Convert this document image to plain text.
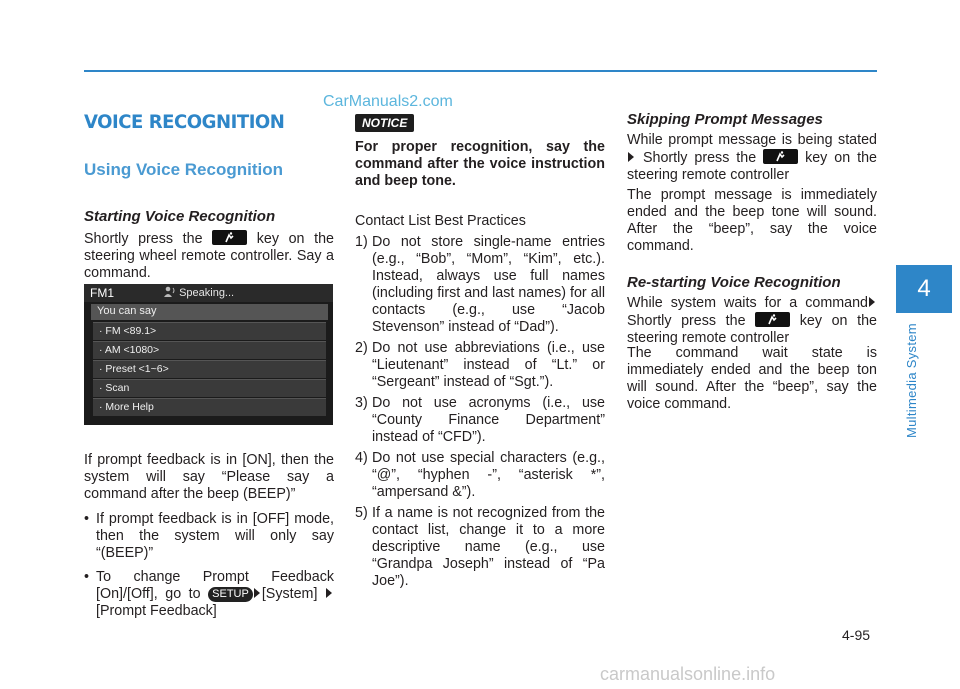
CarManuals2.com
VOICE RECOGNITION
Using Voice Recognition
Starting Voice Recognition
Shortly press the	key on the steering wheel remote controller. Say a command.
FM1	Speaking...
You can say
· FM <89.1>
· AM <1080>
· Preset <1~6>
· Scan
· More Help
If prompt feedback is in [ON], then the system will say “Please say a command after the beep (BEEP)”
• If prompt feedback is in [OFF] mode, then the system will only say “(BEEP)”
• To change Prompt Feedback [On]/[Off], go to SETUP [System] [Prompt Feedback]
NOTICE
For proper recognition, say the command after the voice instruction and beep tone.
Contact List Best Practices
1) Do not store single-name entries (e.g., “Bob”, “Mom”, “Kim”, etc.). Instead, always use full names (including first and last names) for all contacts (e.g., use “Jacob Stevenson” instead of “Dad”).
2) Do not use abbreviations (i.e., use “Lieutenant” instead of “Lt.” or “Sergeant” instead of “Sgt.”).
3) Do not use acronyms (i.e., use “County Finance Department” instead of “CFD”).
4) Do not use special characters (e.g., “@”, “hyphen -”, “asterisk *”, “ampersand &”).
5) If a name is not recognized from the contact list, change it to a more descriptive name (e.g., use “Grandpa Joseph” instead of “Pa Joe”).
Skipping Prompt Messages
While prompt message is being stated Shortly press the	key on the steering remote controller
The prompt message is immediately ended and the beep tone will sound. After the “beep”, say the voice command.
Re-starting Voice Recognition
While system waits for a command Shortly press the	key on the steering remote controller
The command wait state is immediately ended and the beep ton will sound. After the “beep”, say the voice command.
4
Multimedia System
4-95
carmanualsonline.info
